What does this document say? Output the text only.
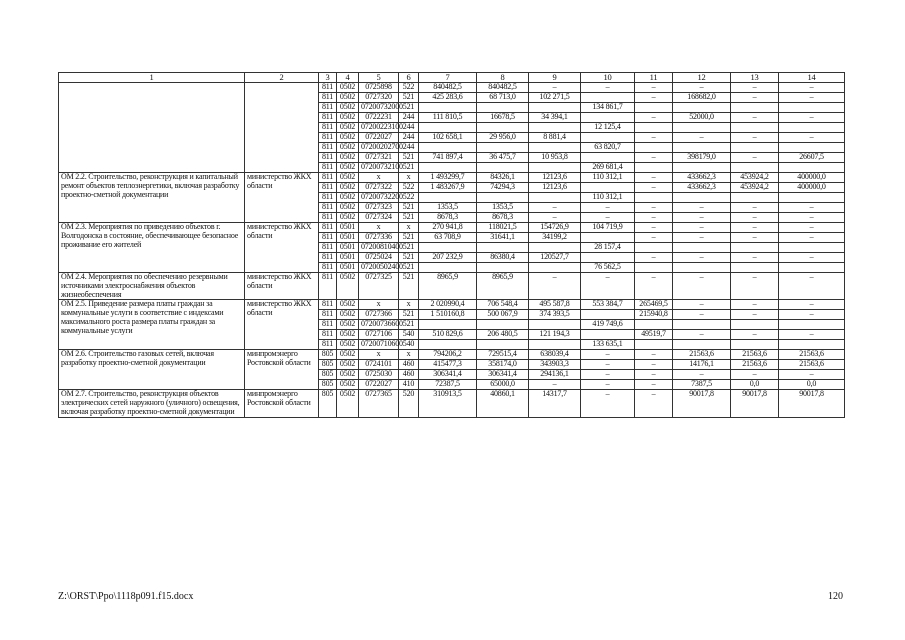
1	2	3	4	5	6	7	8	9	10	11	12	13	14
		811	0502	0725898	522	840482,5	840482,5	–	–	–	–	–	–
		811	0502	0727320	521	425 283,6	68 713,0	102 271,5		–	168682,0	–	–
		811	0502	07200732000	521				134 861,7				
		811	0502	0722231	244	111 810,5	16678,5	34 394,1		–	52000,0	–	–
		811	0502	07200223100	244				12 125,4				
		811	0502	0722027	244	102 658,1	29 956,0	8 881,4		–	–	–	–
		811	0502	07200202700	244				63 820,7				
		811	0502	0727321	521	741 897,4	36 475,7	10 953,8		–	398179,0	–	26607,5
		811	0502	07200732100	521				269 681,4				
ОМ 2.2. Строительство, реконструкция и капитальный ремонт объектов теплоэнергетики, включая разработку проектно-сметной документации	министерство ЖКХ области	811	0502	х	х	1 493299,7	84326,1	12123,6	110 312,1	–	433662,3	453924,2	400000,0
		811	0502	0727322	522	1 483267,9	74294,3	12123,6		–	433662,3	453924,2	400000,0
		811	0502	07200732200	522				110 312,1				
		811	0502	0727323	521	1353,5	1353,5	–	–	–	–	–	–
		811	0502	0727324	521	8678,3	8678,3	–	–	–	–	–	–
ОМ 2.3. Мероприятия по приведению объектов г. Волгодонска в состояние, обеспечивающее безопасное проживание его жителей	министерство ЖКХ области	811	0501	х	х	270 941,8	118021,5	154726,9	104 719,9	–	–	–	–
		811	0501	0727336	521	63 708,9	31641,1	34199,2		–	–	–	–
		811	0501	07200810400	521				28 157,4				
		811	0501	0725024	521	207 232,9	86380,4	120527,7		–	–	–	–
		811	0501	07200502400	521				76 562,5				
ОМ 2.4. Мероприятия по обеспечению резервными источниками электроснабжения объектов жизнеобеспечения	министерство ЖКХ области	811	0502	0727325	521	8965,9	8965,9	–	–	–	–	–	–
ОМ 2.5. Приведение размера платы граждан за коммунальные услуги в соответствие с индексами максимального роста размера платы граждан за коммунальные услуги	министерство ЖКХ области	811	0502	х	х	2 020990,4	706 548,4	495 587,8	553 384,7	265469,5	–	–	–
		811	0502	0727366	521	1 510160,8	500 067,9	374 393,5		215940,8	–	–	–
		811	0502	07200736600	521				419 749,6				
		811	0502	0727106	540	510 829,6	206 480,5	121 194,3		49519,7	–	–	–
		811	0502	07200710600	540				133 635,1				
ОМ 2.6. Строительство газовых сетей, включая разработку проектно-сметной документации	минпромэнерго Ростовской области	805	0502	х	х	794206,2	729515,4	638039,4	–	–	21563,6	21563,6	21563,6
		805	0502	0724101	460	415477,3	358174,0	343903,3	–	–	14176,1	21563,6	21563,6
		805	0502	0725030	460	306341,4	306341,4	294136,1	–	–	–	–	–
		805	0502	0722027	410	72387,5	65000,0	–	–	–	7387,5	0,0	0,0
ОМ 2.7. Строительство, реконструкция объектов электрических сетей наружного (уличного) освещения, включая разработку проектно-сметной документации	минпромэнерго Ростовской области	805	0502	0727365	520	310913,5	40860,1	14317,7	–	–	90017,8	90017,8	90017,8
Z:\ORST\Ppo\1118p091.f15.docx	120
